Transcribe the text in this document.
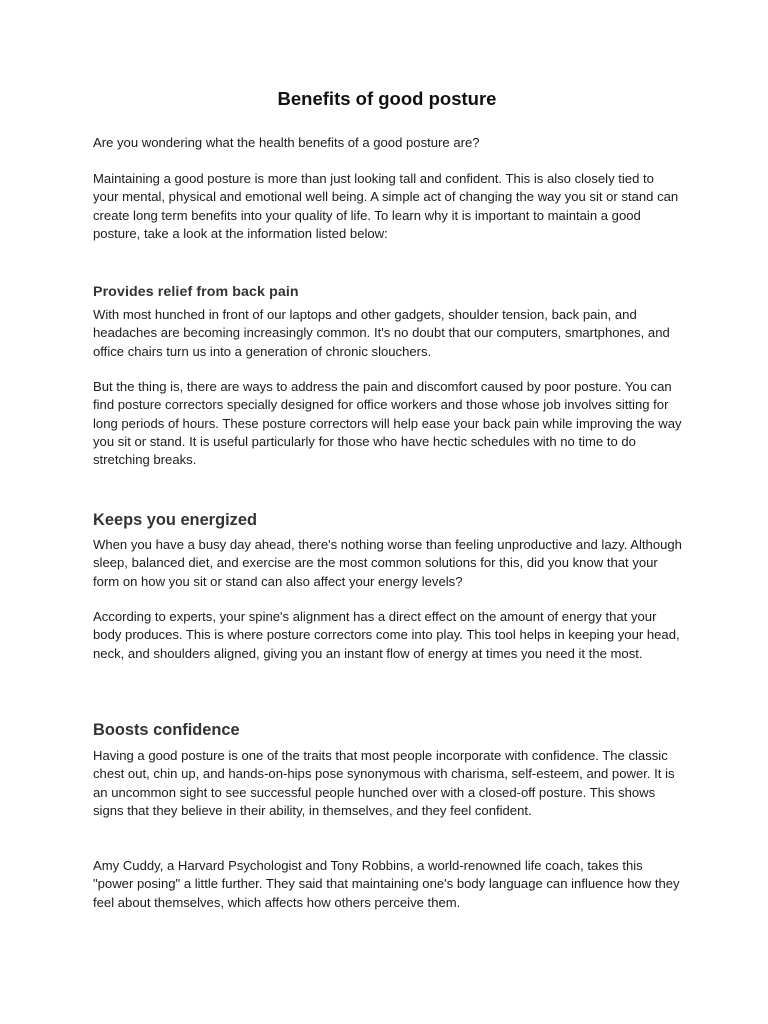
Benefits of good posture

Are you wondering what the health benefits of a good posture are?

Maintaining a good posture is more than just looking tall and confident. This is also closely tied to your mental, physical and emotional well being. A simple act of changing the way you sit or stand can create long term benefits into your quality of life. To learn why it is important to maintain a good posture, take a look at the information listed below:

Provides relief from back pain

With most hunched in front of our laptops and other gadgets, shoulder tension, back pain, and headaches are becoming increasingly common. It's no doubt that our computers, smartphones, and office chairs turn us into a generation of chronic slouchers.

But the thing is, there are ways to address the pain and discomfort caused by poor posture. You can find posture correctors specially designed for office workers and those whose job involves sitting for long periods of hours. These posture correctors will help ease your back pain while improving the way you sit or stand. It is useful particularly for those who have hectic schedules with no time to do stretching breaks.

Keeps you energized

When you have a busy day ahead, there's nothing worse than feeling unproductive and lazy. Although sleep, balanced diet, and exercise are the most common solutions for this, did you know that your form on how you sit or stand can also affect your energy levels?

According to experts, your spine's alignment has a direct effect on the amount of energy that your body produces. This is where posture correctors come into play. This tool helps in keeping your head, neck, and shoulders aligned, giving you an instant flow of energy at times you need it the most.

Boosts confidence

Having a good posture is one of the traits that most people incorporate with confidence. The classic chest out, chin up, and hands-on-hips pose synonymous with charisma, self-esteem, and power. It is an uncommon sight to see successful people hunched over with a closed-off posture. This shows signs that they believe in their ability, in themselves, and they feel confident.

Amy Cuddy, a Harvard Psychologist and Tony Robbins, a world-renowned life coach, takes this "power posing" a little further. They said that maintaining one's body language can influence how they feel about themselves, which affects how others perceive them.
